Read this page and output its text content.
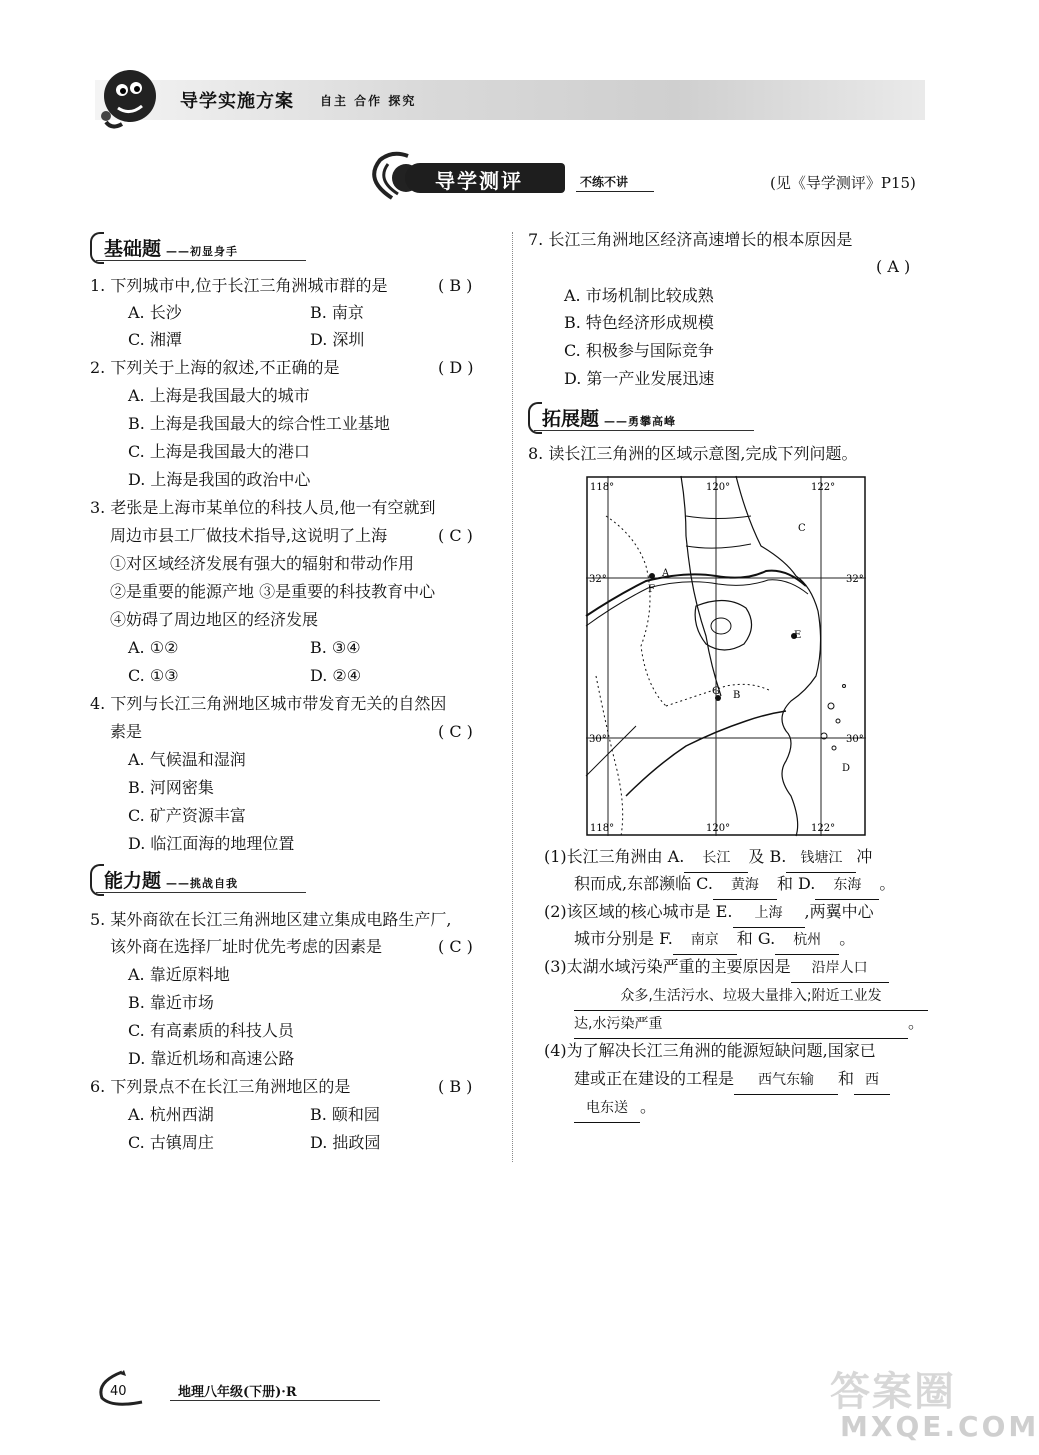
导学实施方案 自主 合作 探究
导学测评	不练不讲	(见《导学测评》P15)
基础题 ——初显身手
1. 下列城市中,位于长江三角洲城市群的是	( B )
A. 长沙	B. 南京
C. 湘潭	D. 深圳
2. 下列关于上海的叙述,不正确的是	( D )
A. 上海是我国最大的城市
B. 上海是我国最大的综合性工业基地
C. 上海是我国最大的港口
D. 上海是我国的政治中心
3. 老张是上海市某单位的科技人员,他一有空就到
周边市县工厂做技术指导,这说明了上海	( C )
①对区域经济发展有强大的辐射和带动作用
②是重要的能源产地 ③是重要的科技教育中心
④妨碍了周边地区的经济发展
A. ①②	B. ③④
C. ①③	D. ②④
4. 下列与长江三角洲地区城市带发育无关的自然因
素是	( C )
A. 气候温和湿润
B. 河网密集
C. 矿产资源丰富
D. 临江面海的地理位置
能力题 ——挑战自我
5. 某外商欲在长江三角洲地区建立集成电路生产厂,
该外商在选择厂址时优先考虑的因素是	( C )
A. 靠近原料地
B. 靠近市场
C. 有高素质的科技人员
D. 靠近机场和高速公路
6. 下列景点不在长江三角洲地区的是	( B )
A. 杭州西湖	B. 颐和园
C. 古镇周庄	D. 拙政园
7. 长江三角洲地区经济高速增长的根本原因是
( A )
A. 市场机制比较成熟
B. 特色经济形成规模
C. 积极参与国际竞争
D. 第一产业发展迅速
拓展题 ——勇攀高峰
8. 读长江三角洲的区域示意图,完成下列问题。
118°	120°	122°
118°	120°	122°
32°	32°
30°	30°
A
B
C
D
E
F
G
(1)长江三角洲由 A. 长江 及 B. 钱塘江 冲
积而成,东部濒临 C. 黄海 和 D. 东海 。
(2)该区域的核心城市是 E. 上海 ,两翼中心
城市分别是 F. 南京 和 G. 杭州 。
(3)太湖水域污染严重的主要原因是 沿岸人口
众多,生活污水、垃圾大量排入;附近工业发
达,水污染严重	。
(4)为了解决长江三角洲的能源短缺问题,国家已
建或正在建设的工程是 西气东输 和 西
电东送 。
40	地理八年级(下册)·R	答案圈
MXQE.COM
